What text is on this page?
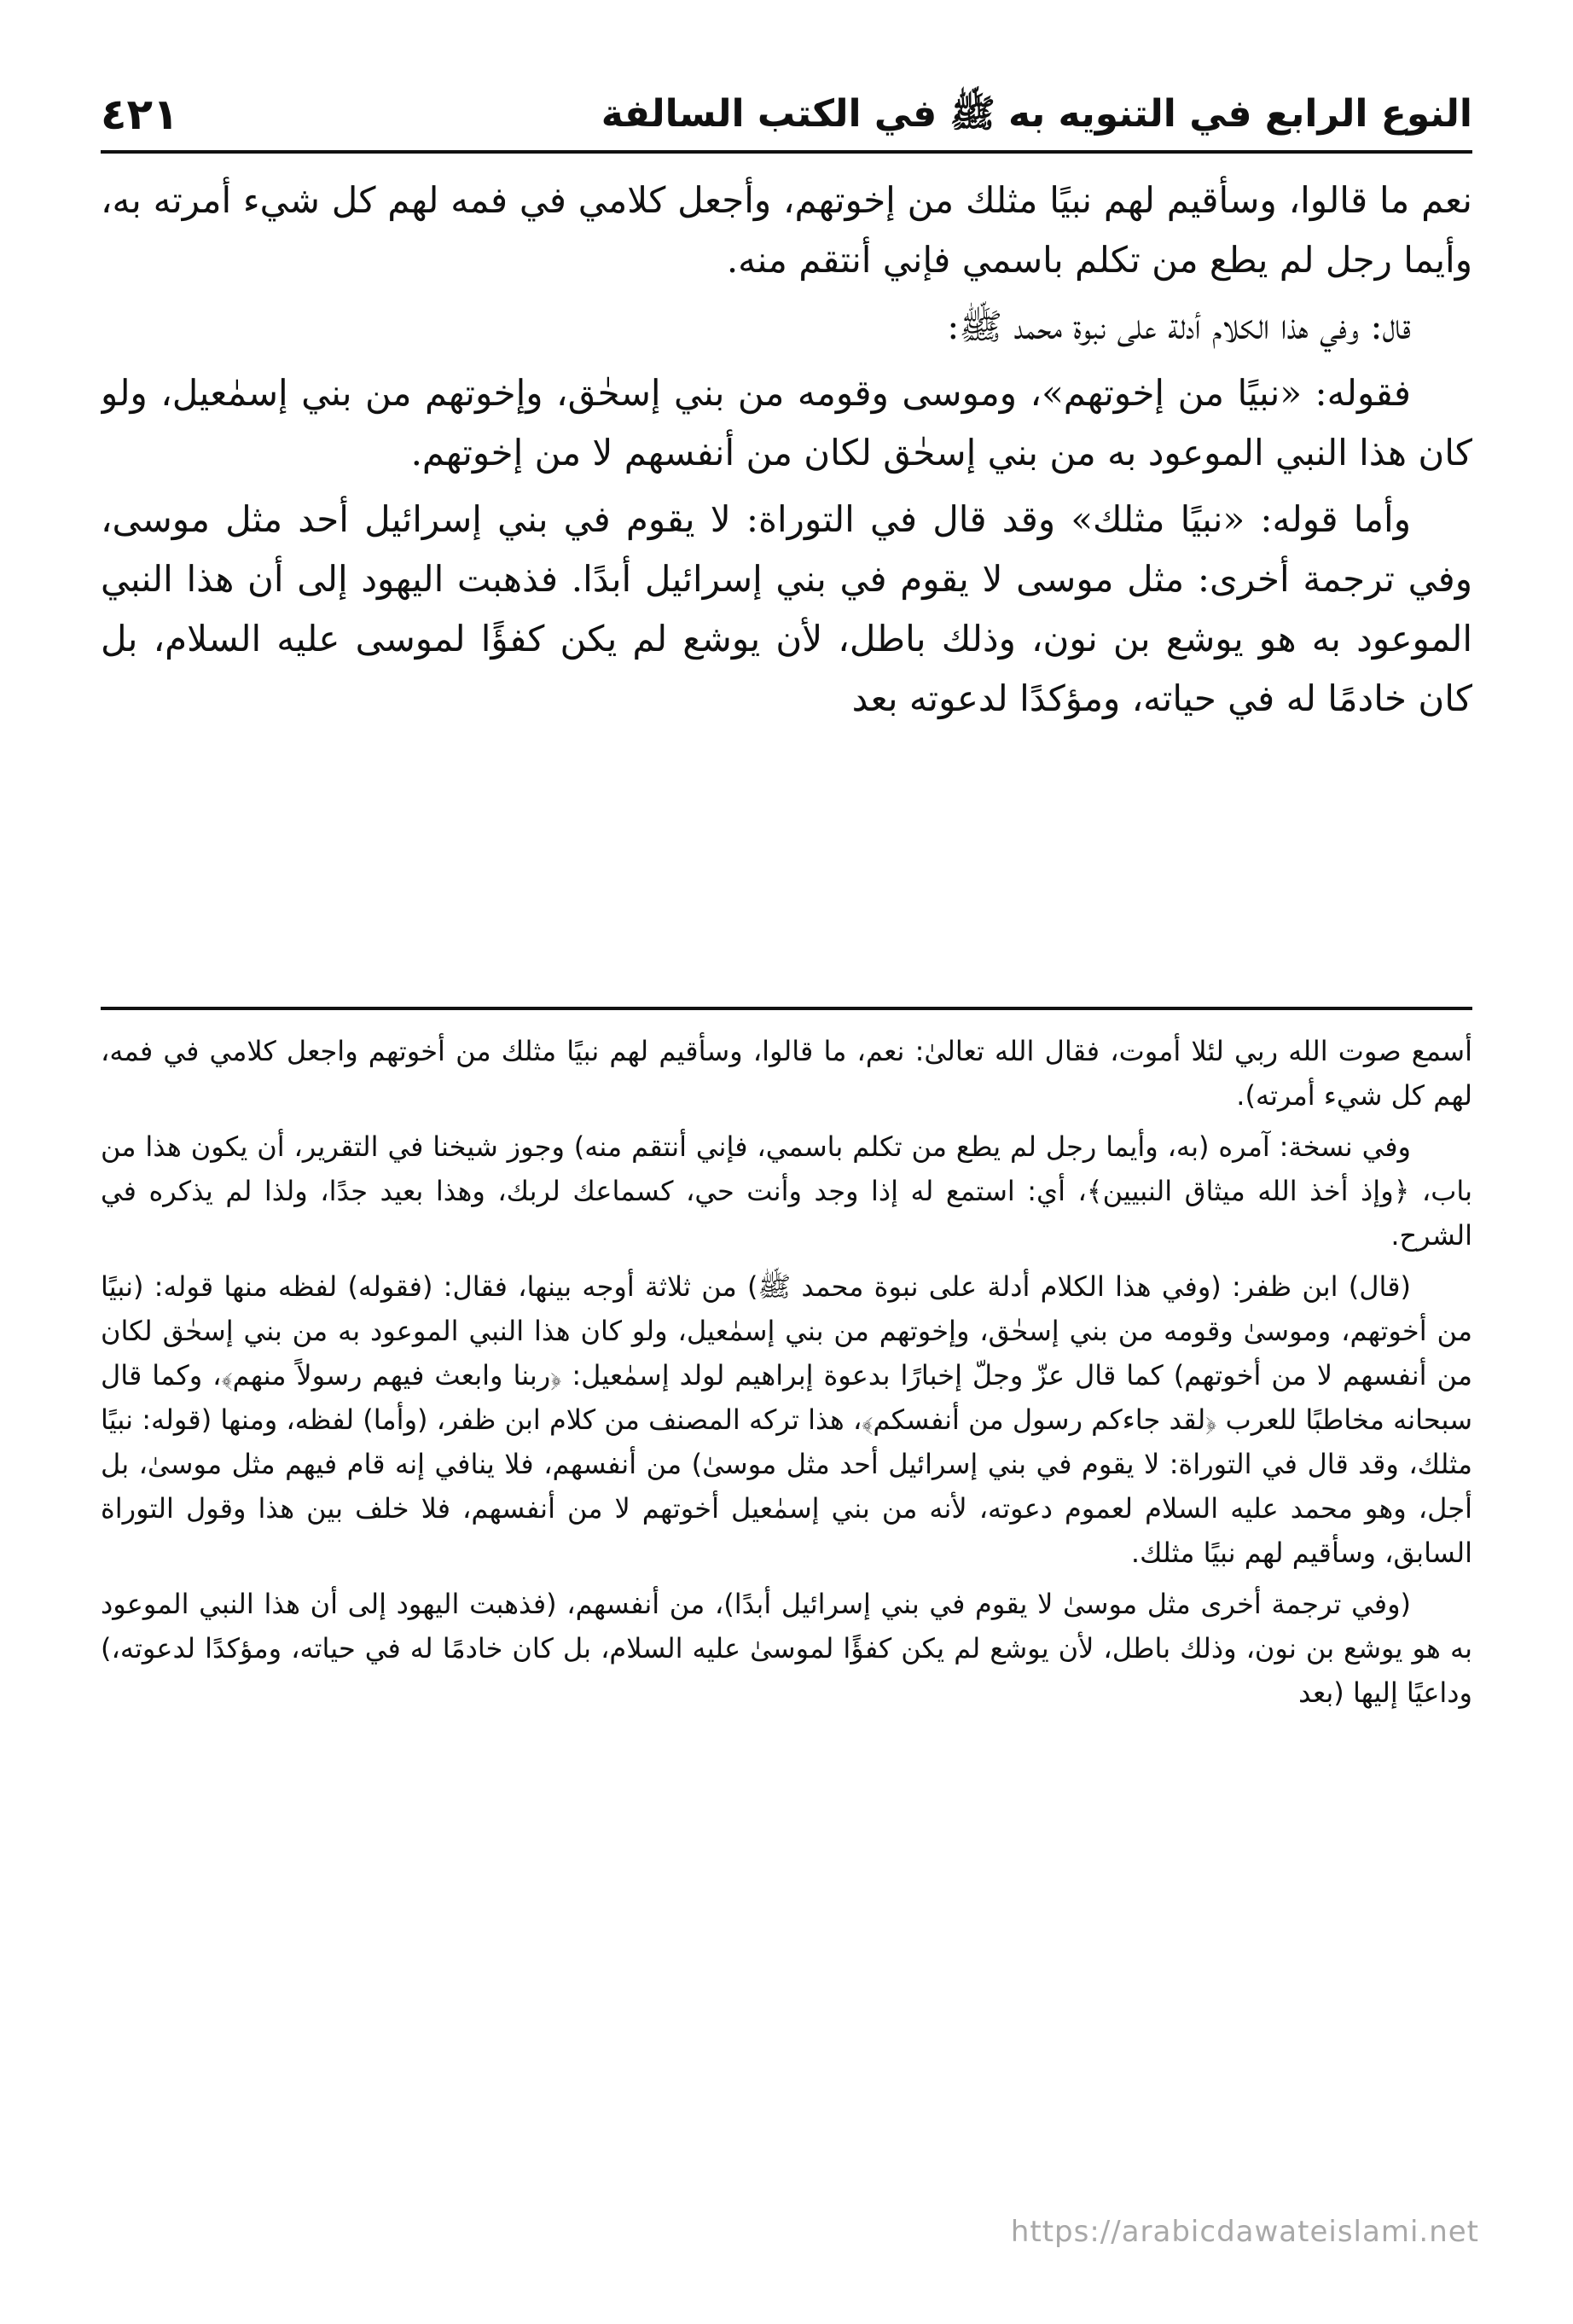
النوع الرابع في التنويه به ﷺ في الكتب السالفة
٤٢١

نعم ما قالوا، وسأقيم لهم نبيًا مثلك من إخوتهم، وأجعل كلامي في فمه لهم كل شيء أمرته به، وأيما رجل لم يطع من تكلم باسمي فإني أنتقم منه.

قال: وفي هذا الكلام أدلة على نبوة محمد ﷺ:

فقوله: «نبيًا من إخوتهم»، وموسى وقومه من بني إسحٰق، وإخوتهم من بني إسمٰعيل، ولو كان هذا النبي الموعود به من بني إسحٰق لكان من أنفسهم لا من إخوتهم.

وأما قوله: «نبيًا مثلك» وقد قال في التوراة: لا يقوم في بني إسرائيل أحد مثل موسى، وفي ترجمة أخرى: مثل موسى لا يقوم في بني إسرائيل أبدًا. فذهبت اليهود إلى أن هذا النبي الموعود به هو يوشع بن نون، وذلك باطل، لأن يوشع لم يكن كفؤًا لموسى عليه السلام، بل كان خادمًا له في حياته، ومؤكدًا لدعوته بعد

أسمع صوت الله ربي لئلا أموت، فقال الله تعالىٰ: نعم، ما قالوا، وسأقيم لهم نبيًا مثلك من أخوتهم واجعل كلامي في فمه، لهم كل شيء أمرته).

وفي نسخة: آمره (به، وأيما رجل لم يطع من تكلم باسمي، فإني أنتقم منه) وجوز شيخنا في التقرير، أن يكون هذا من باب، ﴿وإذ أخذ الله ميثاق النبيين﴾، أي: استمع له إذا وجد وأنت حي، كسماعك لربك، وهذا بعيد جدًا، ولذا لم يذكره في الشرح.

(قال) ابن ظفر: (وفي هذا الكلام أدلة على نبوة محمد ﷺ) من ثلاثة أوجه بينها، فقال: (فقوله) لفظه منها قوله: (نبيًا من أخوتهم، وموسىٰ وقومه من بني إسحٰق، وإخوتهم من بني إسمٰعيل، ولو كان هذا النبي الموعود به من بني إسحٰق لكان من أنفسهم لا من أخوتهم) كما قال عزّ وجلّ إخبارًا بدعوة إبراهيم لولد إسمٰعيل: ﴿ربنا وابعث فيهم رسولاً منهم﴾، وكما قال سبحانه مخاطبًا للعرب ﴿لقد جاءكم رسول من أنفسكم﴾، هذا تركه المصنف من كلام ابن ظفر، (وأما) لفظه، ومنها (قوله: نبيًا مثلك، وقد قال في التوراة: لا يقوم في بني إسرائيل أحد مثل موسىٰ) من أنفسهم، فلا ينافي إنه قام فيهم مثل موسىٰ، بل أجل، وهو محمد عليه السلام لعموم دعوته، لأنه من بني إسمٰعيل أخوتهم لا من أنفسهم، فلا خلف بين هذا وقول التوراة السابق، وسأقيم لهم نبيًا مثلك.

(وفي ترجمة أخرى مثل موسىٰ لا يقوم في بني إسرائيل أبدًا)، من أنفسهم، (فذهبت اليهود إلى أن هذا النبي الموعود به هو يوشع بن نون، وذلك باطل، لأن يوشع لم يكن كفؤًا لموسىٰ عليه السلام، بل كان خادمًا له في حياته، ومؤكدًا لدعوته،) وداعيًا إليها (بعد

https://arabicdawateislami.net
